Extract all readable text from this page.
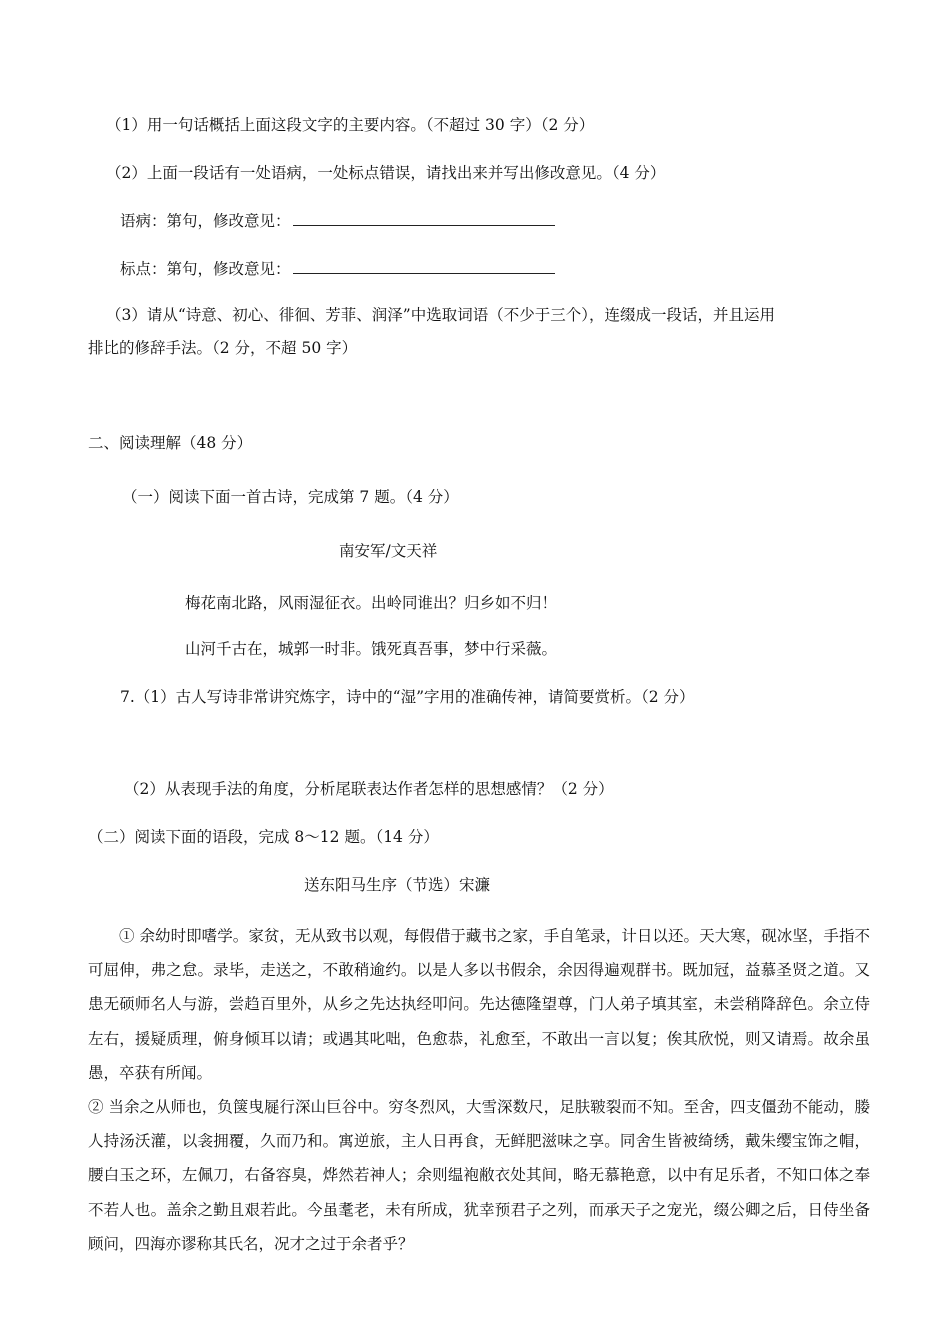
（1）用一句话概括上面这段文字的主要内容。（不超过 30 字）（2 分）
（2）上面一段话有一处语病，一处标点错误，请找出来并写出修改意见。（4 分）
语病：第句，修改意见：
标点：第句，修改意见：
（3）请从“诗意、初心、徘徊、芳菲、润泽”中选取词语（不少于三个），连缀成一段话，并且运用
排比的修辞手法。（2 分，不超 50 字）
二、阅读理解（48 分）
（一）阅读下面一首古诗，完成第 7 题。（4 分）
南安军/文天祥
梅花南北路，风雨湿征衣。出岭同谁出？归乡如不归！
山河千古在，城郭一时非。饿死真吾事，梦中行采薇。
7.（1）古人写诗非常讲究炼字，诗中的“湿”字用的准确传神，请简要赏析。（2 分）
（2）从表现手法的角度，分析尾联表达作者怎样的思想感情？（2 分）
（二）阅读下面的语段，完成 8～12 题。（14 分）
送东阳马生序（节选）宋濂

① 余幼时即嗜学。家贫，无从致书以观，每假借于藏书之家，手自笔录，计日以还。天大寒，砚冰坚，手指不可屈伸，弗之怠。录毕，走送之，不敢稍逾约。以是人多以书假余，余因得遍观群书。既加冠，益慕圣贤之道。又患无硕师名人与游，尝趋百里外，从乡之先达执经叩问。先达德隆望尊，门人弟子填其室，未尝稍降辞色。余立侍左右，援疑质理，俯身倾耳以请；或遇其叱咄，色愈恭，礼愈至，不敢出一言以复；俟其欣悦，则又请焉。故余虽愚，卒获有所闻。

② 当余之从师也，负箧曳屣行深山巨谷中。穷冬烈风，大雪深数尺，足肤皲裂而不知。至舍，四支僵劲不能动，媵人持汤沃灌，以衾拥覆，久而乃和。寓逆旅，主人日再食，无鲜肥滋味之享。同舍生皆被绮绣，戴朱缨宝饰之帽，腰白玉之环，左佩刀，右备容臭，烨然若神人；余则缊袍敝衣处其间，略无慕艳意，以中有足乐者，不知口体之奉不若人也。盖余之勤且艰若此。今虽耄老，未有所成，犹幸预君子之列，而承天子之宠光，缀公卿之后，日侍坐备顾问，四海亦谬称其氏名，况才之过于余者乎？
